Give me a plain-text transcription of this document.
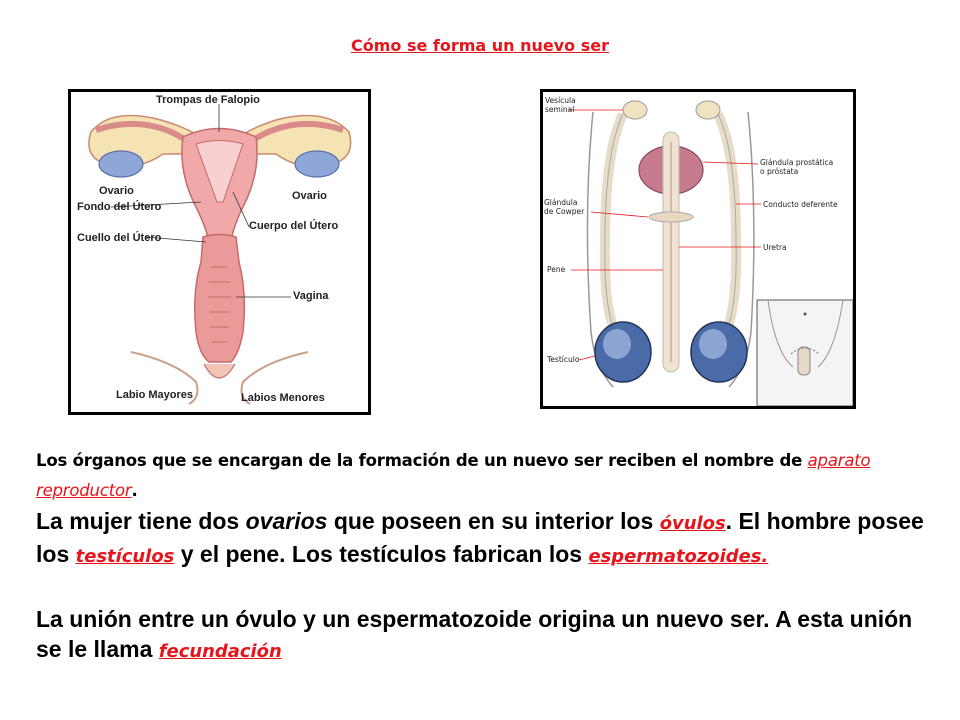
Cómo se forma un nuevo ser
Trompas de Falopio
Ovario
Fondo del Útero
Cuello del Útero
Ovario
Cuerpo del Útero
Vagina
Labio Mayores	Labios Menores
Vesícula
seminal
Glándula prostática
o próstata
Glándula
de Cowper
Conducto deferente
Uretra
Pene
Testículo
Los órganos que se encargan de la formación de un nuevo ser reciben el nombre de aparato reproductor.
La mujer tiene dos ovarios que poseen en su interior los óvulos. El hombre posee los testículos y el pene. Los testículos fabrican los espermatozoides.
La unión entre un óvulo y un espermatozoide origina un nuevo ser. A esta unión se le llama fecundación
